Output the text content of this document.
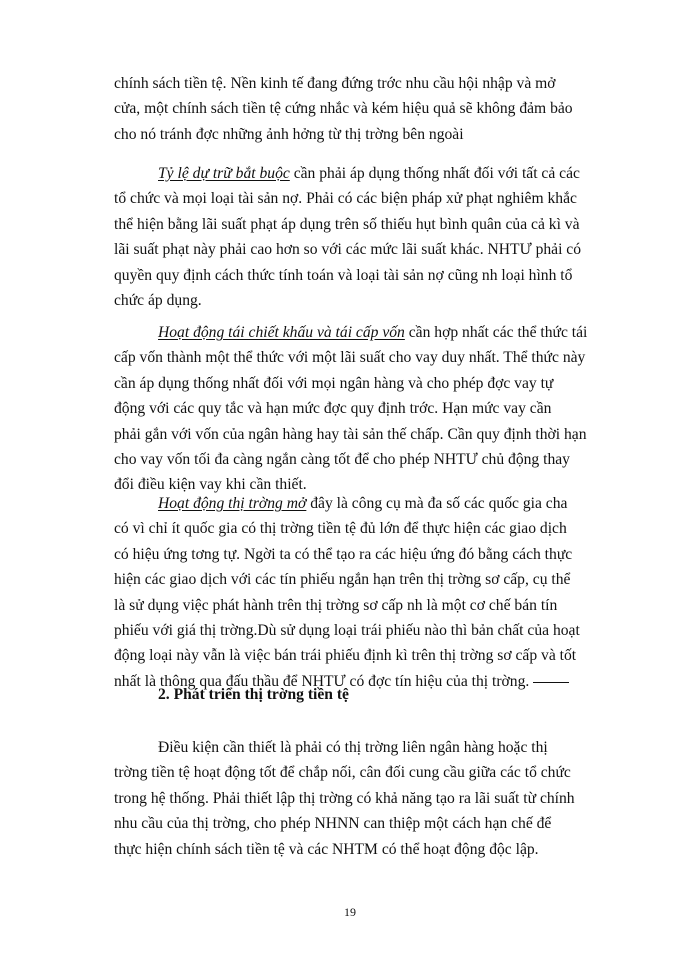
chính sách tiền tệ. Nền kinh tế đang đứng trớc nhu cầu hội nhập và mở
cửa, một chính sách tiền tệ cứng nhắc và kém hiệu quả sẽ không đảm bảo
cho nó tránh đợc những ảnh hởng từ thị trờng bên ngoài

Tỷ lệ dự trữ bắt buộc cần phải áp dụng thống nhất đối với tất cả các
tổ chức và mọi loại tài sản nợ. Phải có các biện pháp xử phạt nghiêm khắc
thể hiện bằng lãi suất phạt áp dụng trên số thiếu hụt bình quân của cả kì và
lãi suất phạt này phải cao hơn so với các mức lãi suất khác. NHTƯ phải có
quyền quy định cách thức tính toán và loại tài sản nợ cũng nh loại hình tổ
chức áp dụng.

Hoạt động tái chiết khấu và tái cấp vốn cần hợp nhất các thể thức tái
cấp vốn thành một thể thức với một lãi suất cho vay duy nhất. Thể thức này
cần áp dụng thống nhất đối với mọi ngân hàng và cho phép đợc vay tự
động với các quy tắc và hạn mức đợc quy định trớc. Hạn mức vay cần
phải gắn với vốn của ngân hàng hay tài sản thế chấp. Cần quy định thời hạn
cho vay vốn tối đa càng ngắn càng tốt để cho phép NHTƯ chủ động thay
đổi điều kiện vay khi cần thiết.

Hoạt động thị trờng mở đây là công cụ mà đa số các quốc gia cha
có vì chỉ ít quốc gia có thị trờng tiền tệ đủ lớn để thực hiện các giao dịch
có hiệu ứng tơng tự. Ngời ta có thể tạo ra các hiệu ứng đó bằng cách thực
hiện các giao dịch với các tín phiếu ngắn hạn trên thị trờng sơ cấp, cụ thể
là sử dụng việc phát hành trên thị trờng sơ cấp nh là một cơ chế bán tín
phiếu với giá thị trờng.Dù sử dụng loại trái phiếu nào thì bản chất của hoạt
động loại này vẫn là việc bán trái phiếu định kì trên thị trờng sơ cấp và tốt
nhất là thông qua đấu thầu để NHTƯ có đợc tín hiệu của thị trờng.

2. Phát triển thị trờng tiền tệ

Điều kiện cần thiết là phải có thị trờng liên ngân hàng hoặc thị
trờng tiền tệ hoạt động tốt để chắp nối, cân đối cung cầu giữa các tổ chức
trong hệ thống. Phải thiết lập thị trờng có khả năng tạo ra lãi suất từ chính
nhu cầu của thị trờng, cho phép NHNN can thiệp một cách hạn chế để
thực hiện chính sách tiền tệ và các NHTM có thể hoạt động độc lập.

19
